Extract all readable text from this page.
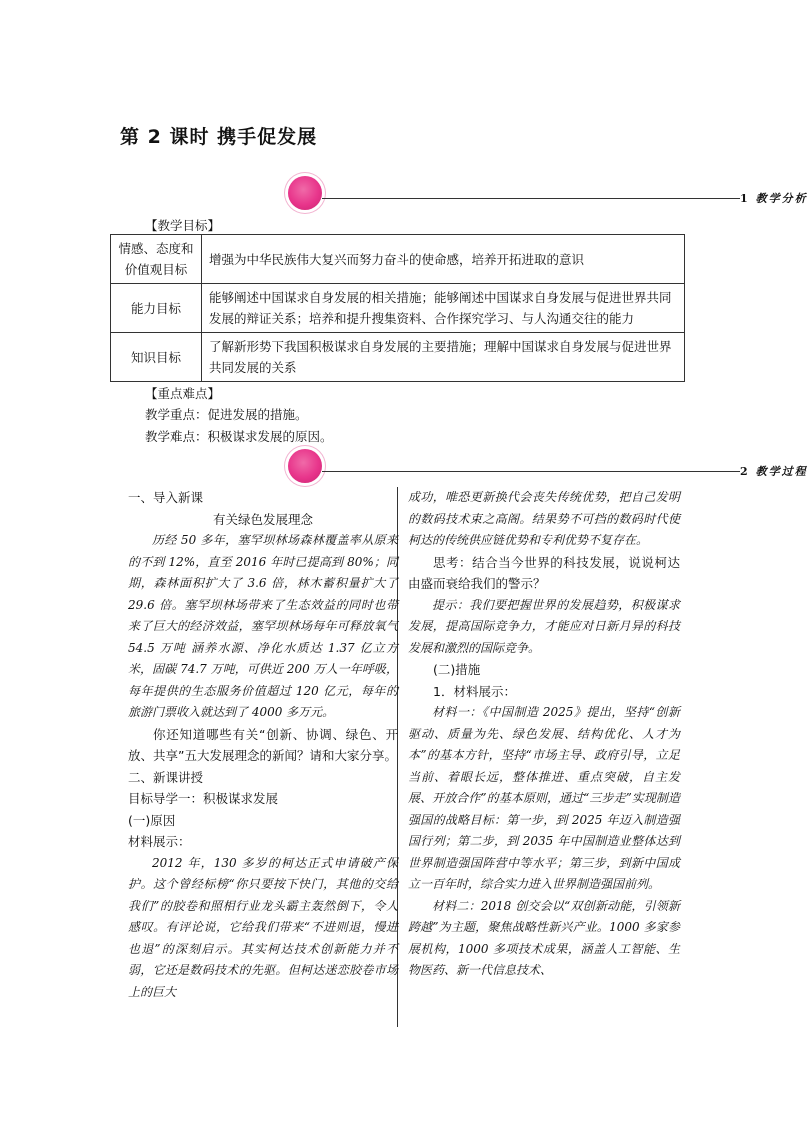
第 2 课时 携手促发展
1 教学分析
【教学目标】
情感、态度和价值观目标	增强为中华民族伟大复兴而努力奋斗的使命感，培养开拓进取的意识
能力目标	能够阐述中国谋求自身发展的相关措施；能够阐述中国谋求自身发展与促进世界共同发展的辩证关系；培养和提升搜集资料、合作探究学习、与人沟通交往的能力
知识目标	了解新形势下我国积极谋求自身发展的主要措施；理解中国谋求自身发展与促进世界共同发展的关系
【重点难点】
教学重点：促进发展的措施。
教学难点：积极谋求发展的原因。
2 教学过程

一、导入新课

有关绿色发展理念

历经 50 多年，塞罕坝林场森林覆盖率从原来的不到 12%，直至 2016 年时已提高到 80%；同期，森林面积扩大了 3.6 倍，林木蓄积量扩大了 29.6 倍。塞罕坝林场带来了生态效益的同时也带来了巨大的经济效益，塞罕坝林场每年可释放氧气 54.5 万吨 涵养水源、净化水质达 1.37 亿立方米，固碳 74.7 万吨，可供近 200 万人一年呼吸，每年提供的生态服务价值超过 120 亿元，每年的旅游门票收入就达到了 4000 多万元。

你还知道哪些有关“创新、协调、绿色、开放、共享”五大发展理念的新闻？请和大家分享。

二、新课讲授

目标导学一：积极谋求发展

(一)原因

材料展示：

2012 年，130 多岁的柯达正式申请破产保护。这个曾经标榜“你只要按下快门，其他的交给我们”的胶卷和照相行业龙头霸主轰然倒下，令人感叹。有评论说，它给我们带来“不进则退，慢进也退”的深刻启示。其实柯达技术创新能力并不弱，它还是数码技术的先驱。但柯达迷恋胶卷市场上的巨大

成功，唯恐更新换代会丧失传统优势，把自己发明的数码技术束之高阁。结果势不可挡的数码时代使柯达的传统供应链优势和专利优势不复存在。

思考：结合当今世界的科技发展，说说柯达由盛而衰给我们的警示？

提示：我们要把握世界的发展趋势，积极谋求发展，提高国际竞争力，才能应对日新月异的科技发展和激烈的国际竞争。

(二)措施

1．材料展示：

材料一：《中国制造 2025》提出，坚持“创新驱动、质量为先、绿色发展、结构优化、人才为本”的基本方针，坚持“市场主导、政府引导，立足当前、着眼长远，整体推进、重点突破，自主发展、开放合作”的基本原则，通过“三步走”实现制造强国的战略目标：第一步，到 2025 年迈入制造强国行列；第二步，到 2035 年中国制造业整体达到世界制造强国阵营中等水平；第三步，到新中国成立一百年时，综合实力进入世界制造强国前列。

材料二：2018 创交会以“双创新动能，引领新跨越”为主题，聚焦战略性新兴产业。1000 多家参展机构，1000 多项技术成果，涵盖人工智能、生物医药、新一代信息技术、
